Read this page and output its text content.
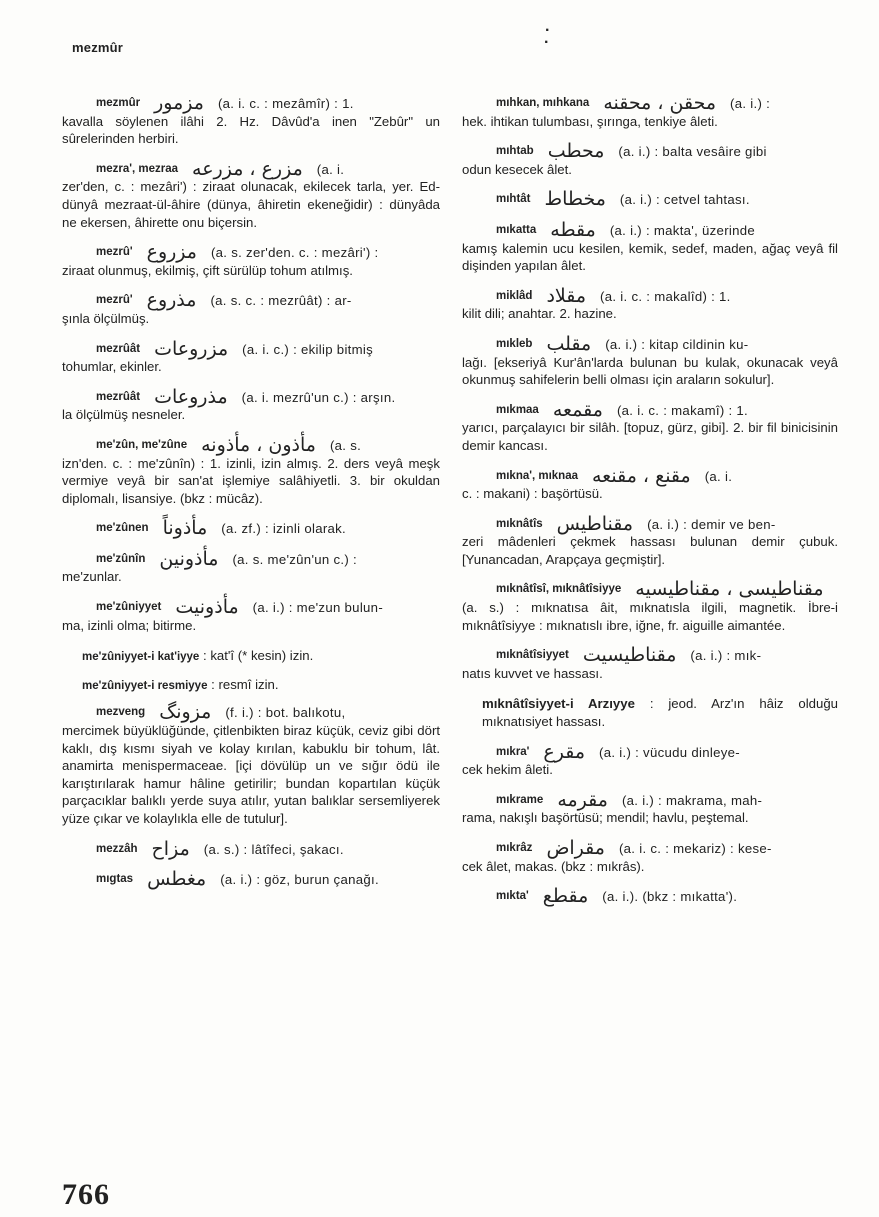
mezmûr
·
·
mezmûr مزمور (a. i. c. : mezâmîr) : 1.
kavalla söylenen ilâhi 2. Hz. Dâvûd'a inen "Zebûr" un sûrelerinden herbiri.
mezra', mezraa مزرع ، مزرعه (a. i.
zer'den, c. : mezâri') : ziraat olunacak, ekilecek tarla, yer. Ed-dünyâ mezraat-ül-âhire (dünya, âhiretin ekeneğidir) : dünyâda ne ekersen, âhirette onu biçersin.
mezrû' مزروع (a. s. zer'den. c. : mezâri') :
ziraat olunmuş, ekilmiş, çift sürülüp tohum atılmış.
mezrû' مذروع (a. s. c. : mezrûât) : ar-
şınla ölçülmüş.
mezrûât مزروعات (a. i. c.) : ekilip bitmiş
tohumlar, ekinler.
mezrûât مذروعات (a. i. mezrû'un c.) : arşın.
la ölçülmüş nesneler.
me'zûn, me'zûne مأذون ، مأذونه (a. s.
izn'den. c. : me'zûnîn) : 1. izinli, izin almış. 2. ders veyâ meşk vermiye veyâ bir san'at işlemiye salâhiyetli. 3. bir okuldan diplomalı, lisansiye. (bkz : mücâz).
me'zûnen مأذوناً (a. zf.) : izinli olarak.
me'zûnîn مأذونين (a. s. me'zûn'un c.) :
me'zunlar.
me'zûniyyet مأذونيت (a. i.) : me'zun bulun-
ma, izinli olma; bitirme.
me'zûniyyet-i kat'iyye : kat'î (* kesin) izin.
me'zûniyyet-i resmiyye : resmî izin.
mezveng مزونگ (f. i.) : bot. balıkotu,
mercimek büyüklüğünde, çitlenbikten biraz küçük, ceviz gibi dört kaklı, dış kısmı siyah ve kolay kırılan, kabuklu bir tohum, lât. anamirta menispermaceae. [içi dövülüp un ve sığır ödü ile karıştırılarak hamur hâline getirilir; bundan kopartılan küçük parçacıklar balıklı yerde suya atılır, yutan balıklar sersemliyerek yüze çıkar ve kolaylıkla elle de tutulur].
mezzâh مزاح (a. s.) : lâtîfeci, şakacı.
mıgtas مغطس (a. i.) : göz, burun çanağı.
mıhkan, mıhkana محقن ، محقنه (a. i.) :
hek. ihtikan tulumbası, şırınga, tenkiye âleti.
mıhtab محطب (a. i.) : balta vesâire gibi
odun kesecek âlet.
mıhtât مخطاط (a. i.) : cetvel tahtası.
mıkatta مقطه (a. i.) : makta', üzerinde
kamış kalemin ucu kesilen, kemik, sedef, maden, ağaç veyâ fil dişinden yapılan âlet.
miklâd مقلاد (a. i. c. : makalîd) : 1.
kilit dili; anahtar. 2. hazine.
mıkleb مقلب (a. i.) : kitap cildinin ku-
lağı. [ekseriyâ Kur'ân'larda bulunan bu kulak, okunacak veyâ okunmuş sahifelerin belli olması için araların sokulur].
mıkmaa مقمعه (a. i. c. : makamî) : 1.
yarıcı, parçalayıcı bir silâh. [topuz, gürz, gibi]. 2. bir fil binicisinin demir kancası.
mıkna', mıknaa مقنع ، مقنعه (a. i.
c. : makani) : başörtüsü.
mıknâtîs مقناطيس (a. i.) : demir ve ben-
zeri mâdenleri çekmek hassası bulunan demir çubuk. [Yunancadan, Arapçaya geçmiştir].
mıknâtîsî, mıknâtîsiyye مقناطيسى ، مقناطيسيه
(a. s.) : mıknatısa âit, mıknatısla ilgili, magnetik. İbre-i mıknâtîsiyye : mıknatıslı ibre, iğne, fr. aiguille aimantée.
mıknâtîsiyyet مقناطيسيت (a. i.) : mık-
natıs kuvvet ve hassası.
mıknâtîsiyyet-i Arzıyye : jeod. Arz'ın hâiz olduğu mıknatısiyet hassası.
mıkra' مقرع (a. i.) : vücudu dinleye-
cek hekim âleti.
mıkrame مقرمه (a. i.) : makrama, mah-
rama, nakışlı başörtüsü; mendil; havlu, peştemal.
mıkrâz مقراض (a. i. c. : mekariz) : kese-
cek âlet, makas. (bkz : mıkrâs).
mıkta' مقطع (a. i.). (bkz : mıkatta').
766
